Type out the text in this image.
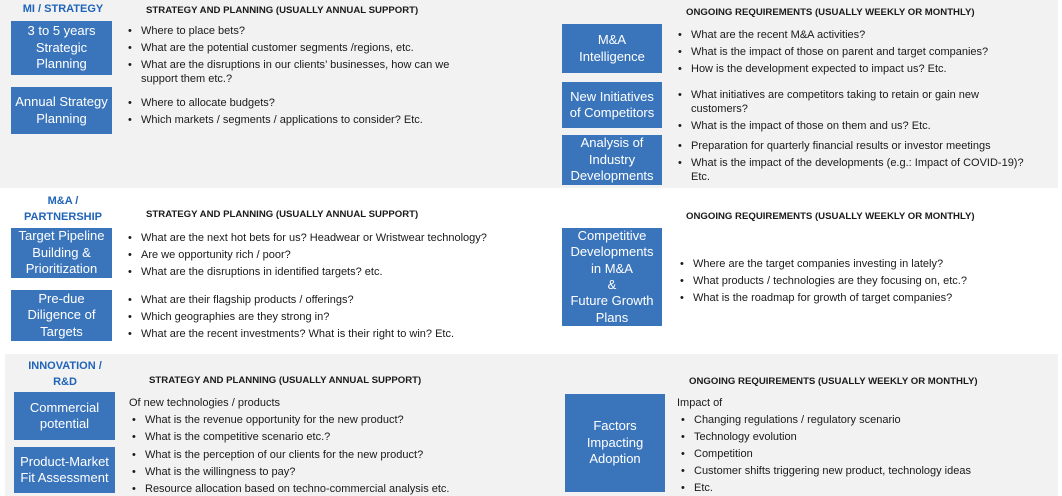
MI / STRATEGY	STRATEGY AND PLANNING (USUALLY ANNUAL SUPPORT)
3 to 5 years
Strategic
Planning
• Where to place bets?
• What are the potential customer segments /regions, etc.
• What are the disruptions in our clients’ businesses, how can we support them etc.?
Annual Strategy
Planning
• Where to allocate budgets?
• Which markets / segments / applications to consider? Etc.
ONGOING REQUIREMENTS (USUALLY WEEKLY OR MONTHLY)
M&A
Intelligence
• What are the recent M&A activities?
• What is the impact of those on parent and target companies?
• How is the development expected to impact us? Etc.
New Initiatives
of Competitors
• What initiatives are competitors taking to retain or gain new customers?
• What is the impact of those on them and us? Etc.
Analysis of
Industry
Developments
• Preparation for quarterly financial results or investor meetings
• What is the impact of the developments (e.g.: Impact of COVID-19)? Etc.
M&A / PARTNERSHIP	STRATEGY AND PLANNING (USUALLY ANNUAL SUPPORT)
Target Pipeline
Building &
Prioritization
• What are the next hot bets for us? Headwear or Wristwear technology?
• Are we opportunity rich / poor?
• What are the disruptions in identified targets? etc.
Pre-due
Diligence of
Targets
• What are their flagship products / offerings?
• Which geographies are they strong in?
• What are the recent investments? What is their right to win? Etc.
ONGOING REQUIREMENTS (USUALLY WEEKLY OR MONTHLY)
Competitive
Developments
in M&A
&
Future Growth
Plans
• Where are the target companies investing in lately?
• What products / technologies are they focusing on, etc.?
• What is the roadmap for growth of target companies?
INNOVATION / R&D	STRATEGY AND PLANNING (USUALLY ANNUAL SUPPORT)
Commercial
potential
Of new technologies / products
• What is the revenue opportunity for the new product?
• What is the competitive scenario etc.?
Product-Market
Fit Assessment
• What is the perception of our clients for the new product?
• What is the willingness to pay?
• Resource allocation based on techno-commercial analysis etc.
ONGOING REQUIREMENTS (USUALLY WEEKLY OR MONTHLY)
Factors
Impacting
Adoption
Impact of
• Changing regulations / regulatory scenario
• Technology evolution
• Competition
• Customer shifts triggering new product, technology ideas
• Etc.
